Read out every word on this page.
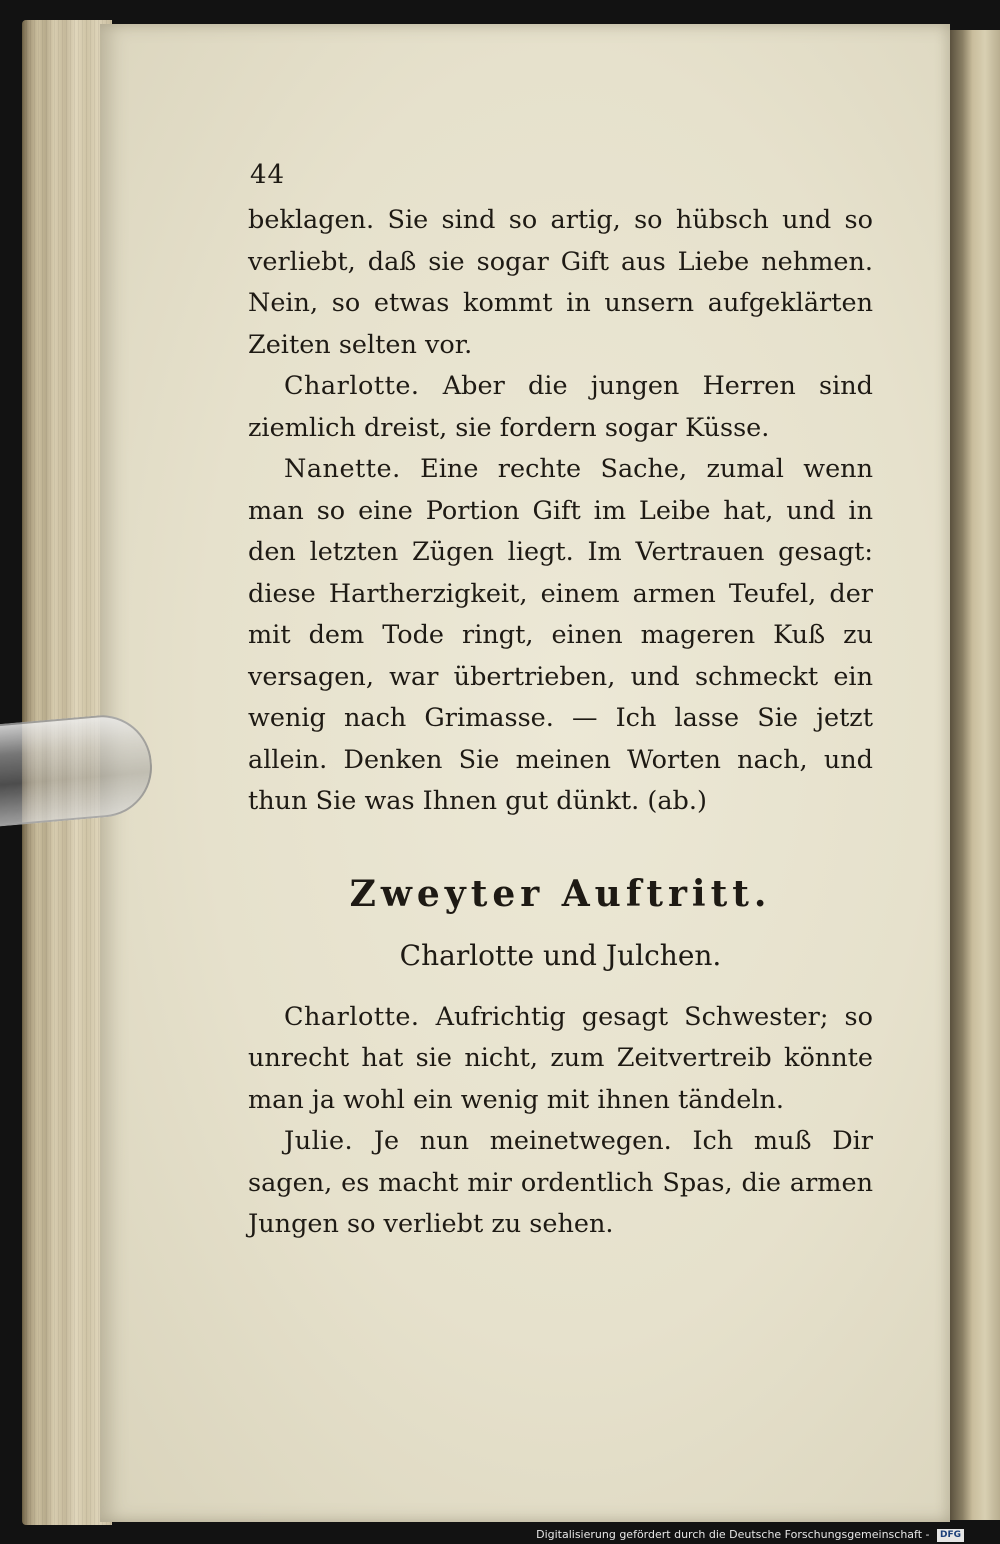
44

beklagen. Sie sind so artig, so hübsch und so verliebt, daß sie sogar Gift aus Liebe nehmen. Nein, so etwas kommt in unsern aufgeklärten Zeiten selten vor.

Charlotte. Aber die jungen Herren sind ziemlich dreist, sie fordern sogar Küsse.

Nanette. Eine rechte Sache, zumal wenn man so eine Portion Gift im Leibe hat, und in den letzten Zügen liegt. Im Vertrauen gesagt: diese Hartherzigkeit, einem armen Teufel, der mit dem Tode ringt, einen mageren Kuß zu versagen, war übertrieben, und schmeckt ein wenig nach Grimasse. — Ich lasse Sie jetzt allein. Denken Sie meinen Worten nach, und thun Sie was Ihnen gut dünkt. (ab.)

Zweyter Auftritt.
Charlotte und Julchen.

Charlotte. Aufrichtig gesagt Schwester; so unrecht hat sie nicht, zum Zeitvertreib könnte man ja wohl ein wenig mit ihnen tändeln.

Julie. Je nun meinetwegen. Ich muß Dir sagen, es macht mir ordentlich Spas, die armen Jungen so verliebt zu sehen.

Digitalisierung gefördert durch die Deutsche Forschungsgemeinschaft - DFG
